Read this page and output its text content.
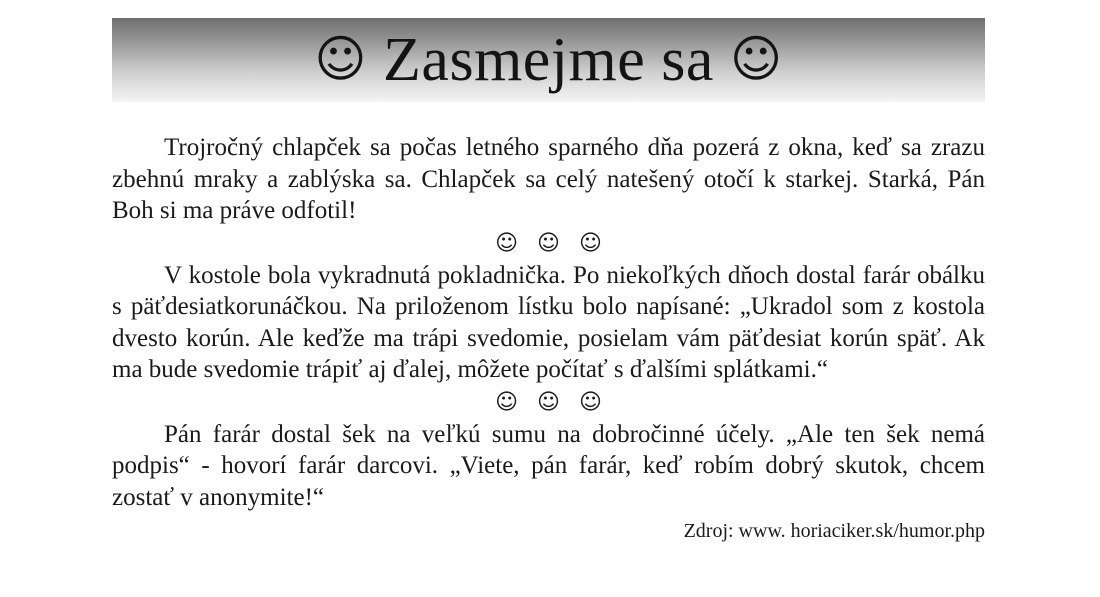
☺ Zasmejme sa ☺

Trojročný chlapček sa počas letného sparného dňa pozerá z okna, keď sa zrazu zbehnú mraky a zablýska sa. Chlapček sa celý natešený otočí k starkej. Starká, Pán Boh si ma práve odfotil!

☺ ☺ ☺

V kostole bola vykradnutá pokladnička. Po niekoľkých dňoch dostal farár obálku s päťdesiatkorunáčkou. Na priloženom lístku bolo napísané: „Ukradol som z kostola dvesto korún. Ale keďže ma trápi svedomie, posielam vám päťdesiat korún späť. Ak ma bude svedomie trápiť aj ďalej, môžete počítať s ďalšími splátkami.“

☺ ☺ ☺

Pán farár dostal šek na veľkú sumu na dobročinné účely. „Ale ten šek nemá podpis“ - hovorí farár darcovi. „Viete, pán farár, keď robím dobrý skutok, chcem zostať v anonymite!“

Zdroj: www. horiaciker.sk/humor.php
